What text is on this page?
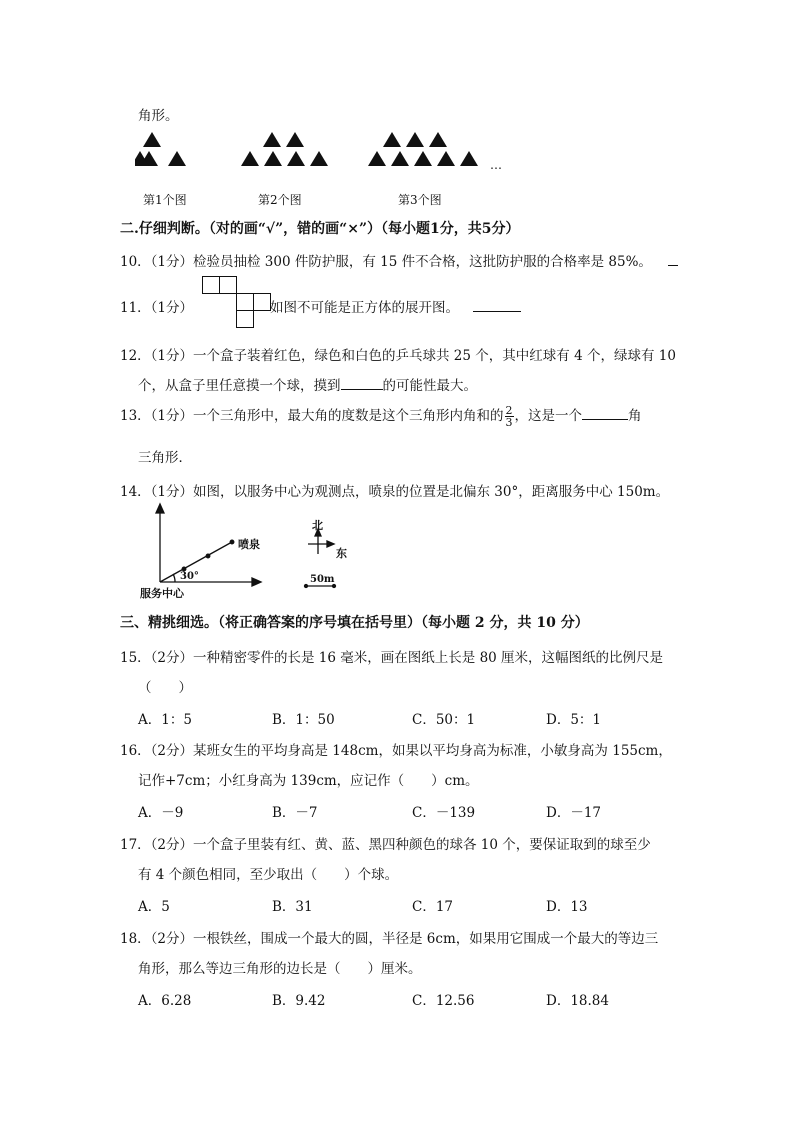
角形。
第1个图	第2个图	第3个图
…
二.仔细判断。（对的画“√”，错的画“×”）（每小题1分，共5分）
10．（1分）检验员抽检 300 件防护服，有 15 件不合格，这批防护服的合格率是 85%。
11．（1分）	如图不可能是正方体的展开图。
12．（1分）一个盒子装着红色，绿色和白色的乒乓球共 25 个，其中红球有 4 个，绿球有 10
个，从盒子里任意摸一个球，摸到	的可能性最大。
13．（1分）一个三角形中，最大角的度数是这个三角形内角和的 $\frac{2}{3}$ ，这是一个	角
三角形．
14．（1分）如图，以服务中心为观测点，喷泉的位置是北偏东 30°，距离服务中心 150m。
喷泉
服务中心
30°
北
东
50m
三、精挑细选。（将正确答案的序号填在括号里）（每小题 2 分，共 10 分）
15．（2分）一种精密零件的长是 16 毫米，画在图纸上长是 80 厘米，这幅图纸的比例尺是
（　　）
A．1：5	B．1：50	C．50：1	D．5：1
16．（2分）某班女生的平均身高是 148cm，如果以平均身高为标准，小敏身高为 155cm，
记作+7cm；小红身高为 139cm，应记作（　　）cm。
A．－9	B．－7	C．－139	D．－17
17．（2分）一个盒子里装有红、黄、蓝、黑四种颜色的球各 10 个，要保证取到的球至少
有 4 个颜色相同，至少取出（　　）个球。
A．5	B．31	C．17	D．13
18．（2分）一根铁丝，围成一个最大的圆，半径是 6cm，如果用它围成一个最大的等边三
角形，那么等边三角形的边长是（　　）厘米。
A．6.28	B．9.42	C．12.56	D．18.84
